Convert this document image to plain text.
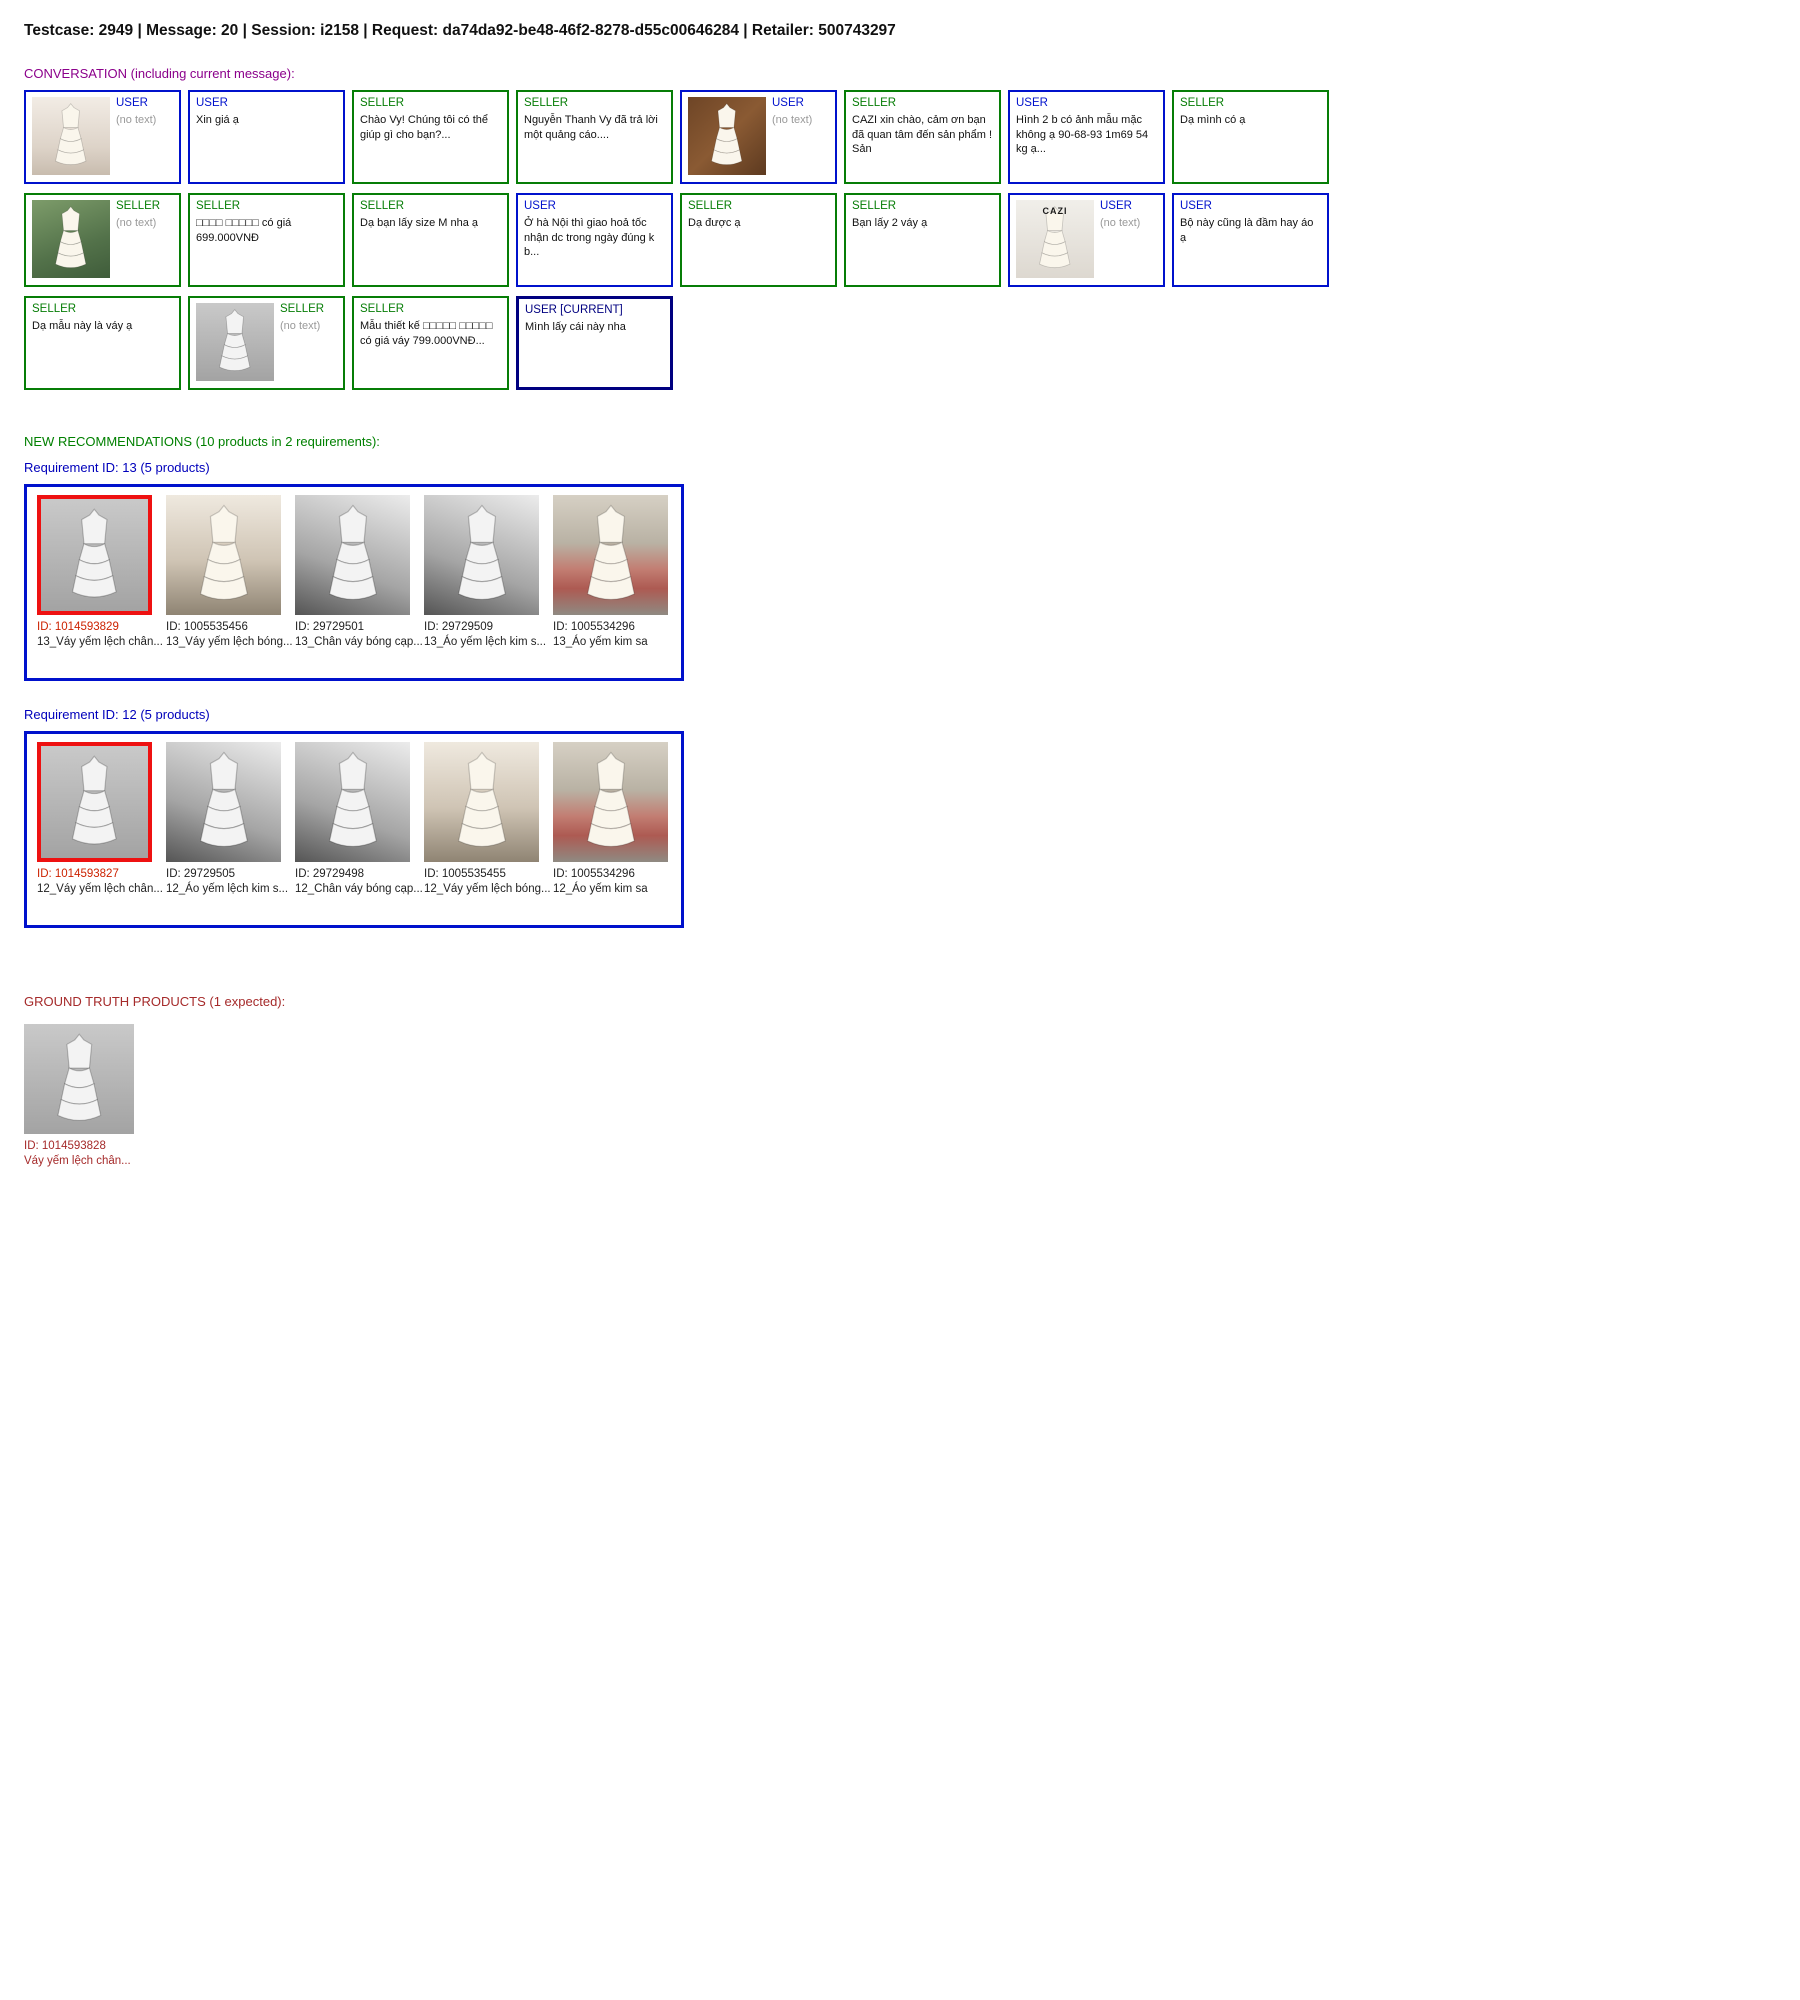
Testcase: 2949 | Message: 20 | Session: i2158 | Request: da74da92-be48-46f2-8278-d55c00646284 | Retailer: 500743297
CONVERSATION (including current message):
USER
(no text)
USER
Xin giá ạ
SELLER
Chào Vy! Chúng tôi có thể giúp gì cho bạn?...
SELLER
Nguyễn Thanh Vy đã trả lời một quảng cáo....
USER
(no text)
SELLER
CAZI xin chào, cảm ơn bạn đã quan tâm đến sản phẩm ! Sản
USER
Hình 2 b có ảnh mẫu mặc không ạ 90-68-93 1m69 54 kg ạ...
SELLER
Dạ mình có ạ
SELLER
(no text)
SELLER
□□□□ □□□□□ có giá 699.000VNĐ
SELLER
Dạ bạn lấy size M nha ạ
USER
Ở hà Nội thì giao hoả tốc nhận dc trong ngày đúng k b...
SELLER
Dạ được ạ
SELLER
Bạn lấy 2 váy ạ
CAZI	USER
(no text)
USER
Bộ này cũng là đầm hay áo ạ
SELLER
Dạ mẫu này là váy ạ
SELLER
(no text)
SELLER
Mẫu thiết kế □□□□□ □□□□□ có giá váy 799.000VNĐ...
USER [CURRENT]
Mình lấy cái này nha
NEW RECOMMENDATIONS (10 products in 2 requirements):
Requirement ID: 13 (5 products)
ID: 1014593829
13_Váy yếm lệch chân...
ID: 1005535456
13_Váy yếm lệch bóng...
ID: 29729501
13_Chân váy bóng cạp...
ID: 29729509
13_Áo yếm lệch kim s...
ID: 1005534296
13_Áo yếm kim sa
Requirement ID: 12 (5 products)
ID: 1014593827
12_Váy yếm lệch chân...
ID: 29729505
12_Áo yếm lệch kim s...
ID: 29729498
12_Chân váy bóng cạp...
ID: 1005535455
12_Váy yếm lệch bóng...
ID: 1005534296
12_Áo yếm kim sa
GROUND TRUTH PRODUCTS (1 expected):
ID: 1014593828
Váy yếm lệch chân...
